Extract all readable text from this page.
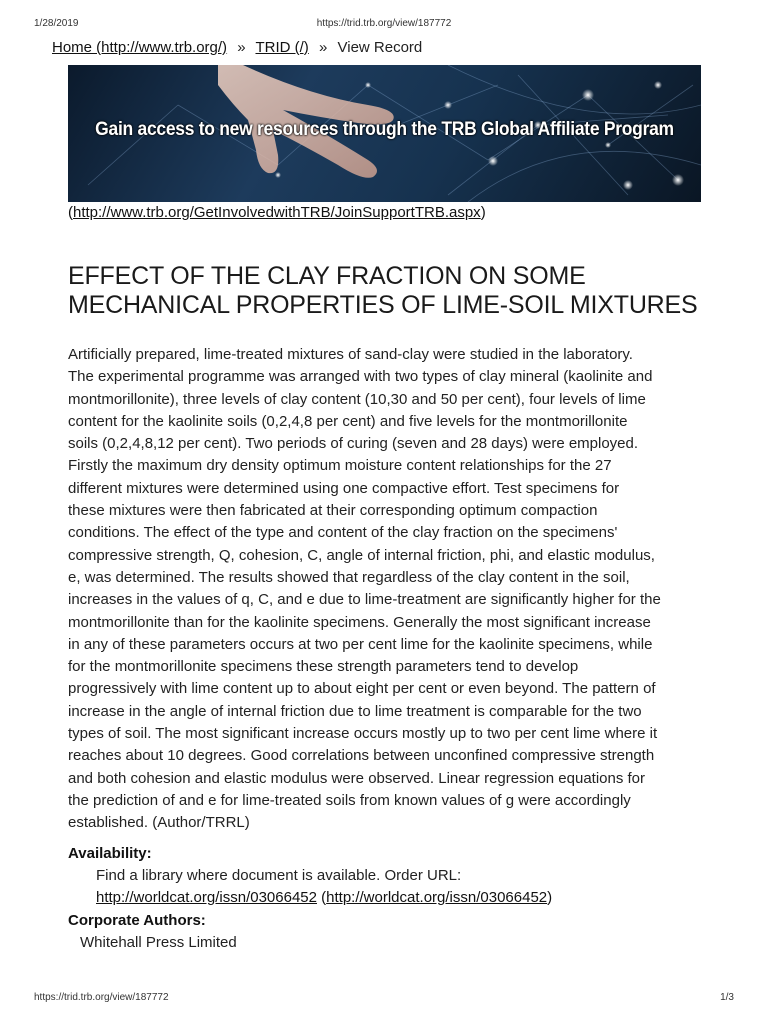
1/28/2019	https://trid.trb.org/view/187772
Home (http://www.trb.org/) » TRID (/) » View Record
Gain access to new resources through the TRB Global Affiliate Program
(http://www.trb.org/GetInvolvedwithTRB/JoinSupportTRB.aspx)
EFFECT OF THE CLAY FRACTION ON SOME
MECHANICAL PROPERTIES OF LIME-SOIL MIXTURES
Artificially prepared, lime-treated mixtures of sand-clay were studied in the laboratory.
The experimental programme was arranged with two types of clay mineral (kaolinite and
montmorillonite), three levels of clay content (10,30 and 50 per cent), four levels of lime
content for the kaolinite soils (0,2,4,8 per cent) and five levels for the montmorillonite
soils (0,2,4,8,12 per cent). Two periods of curing (seven and 28 days) were employed.
Firstly the maximum dry density optimum moisture content relationships for the 27
different mixtures were determined using one compactive effort. Test specimens for
these mixtures were then fabricated at their corresponding optimum compaction
conditions. The effect of the type and content of the clay fraction on the specimens'
compressive strength, Q, cohesion, C, angle of internal friction, phi, and elastic modulus,
e, was determined. The results showed that regardless of the clay content in the soil,
increases in the values of q, C, and e due to lime-treatment are significantly higher for the
montmorillonite than for the kaolinite specimens. Generally the most significant increase
in any of these parameters occurs at two per cent lime for the kaolinite specimens, while
for the montmorillonite specimens these strength parameters tend to develop
progressively with lime content up to about eight per cent or even beyond. The pattern of
increase in the angle of internal friction due to lime treatment is comparable for the two
types of soil. The most significant increase occurs mostly up to two per cent lime where it
reaches about 10 degrees. Good correlations between unconfined compressive strength
and both cohesion and elastic modulus were observed. Linear regression equations for
the prediction of and e for lime-treated soils from known values of g were accordingly
established. (Author/TRRL)
Availability:
Find a library where document is available. Order URL:
http://worldcat.org/issn/03066452 (http://worldcat.org/issn/03066452)
Corporate Authors:
Whitehall Press Limited
https://trid.trb.org/view/187772	1/3
